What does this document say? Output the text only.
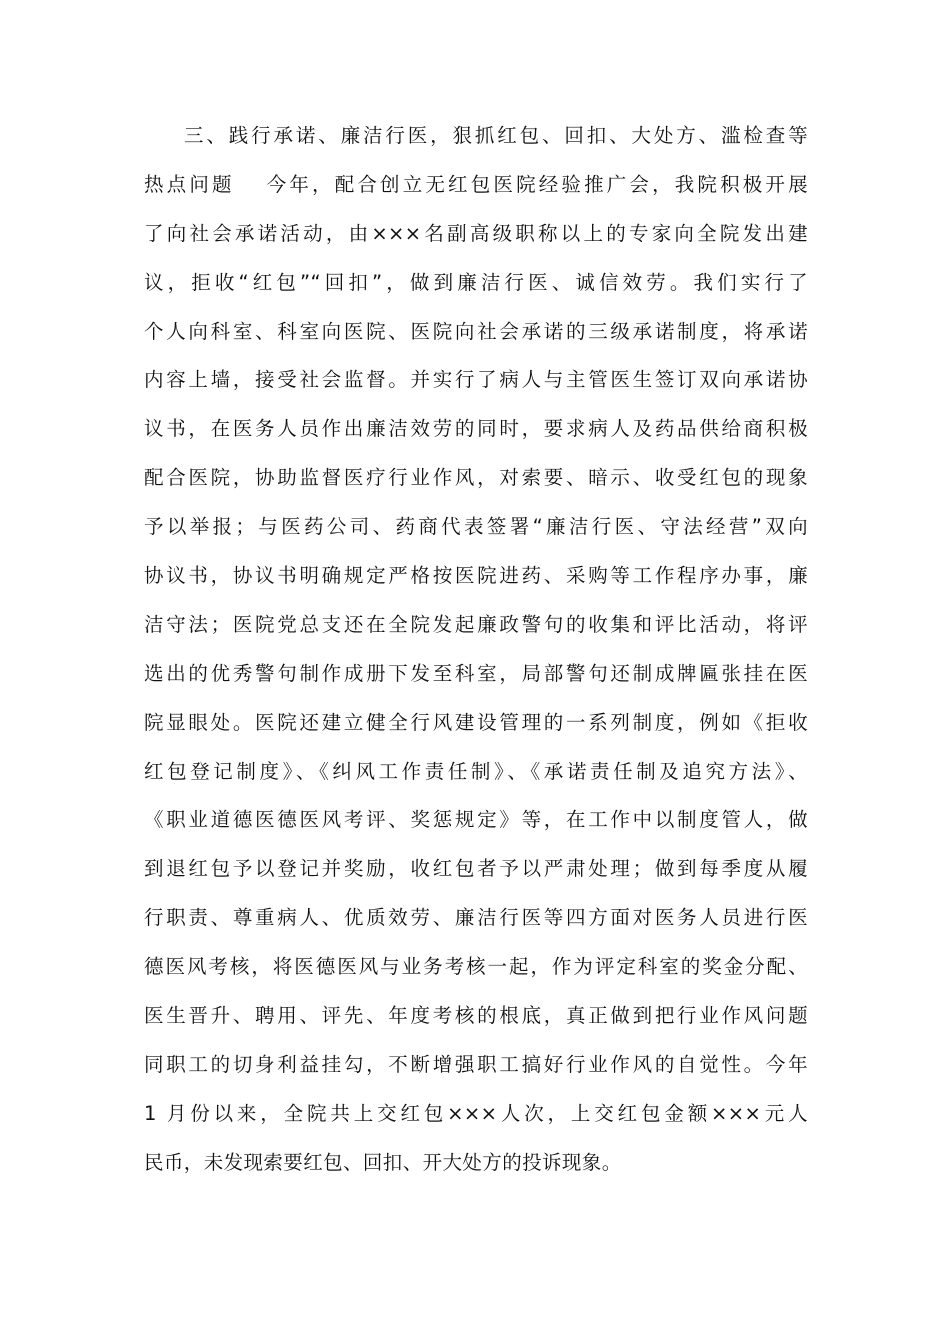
三、践行承诺、廉洁行医，狠抓红包、回扣、大处方、滥检查等
热点问题　 今年，配合创立无红包医院经验推广会，我院积极开展
了向社会承诺活动，由×××名副高级职称以上的专家向全院发出建
议，拒收“红包”“回扣”，做到廉洁行医、诚信效劳。我们实行了
个人向科室、科室向医院、医院向社会承诺的三级承诺制度，将承诺
内容上墙，接受社会监督。并实行了病人与主管医生签订双向承诺协
议书，在医务人员作出廉洁效劳的同时，要求病人及药品供给商积极
配合医院，协助监督医疗行业作风，对索要、暗示、收受红包的现象
予以举报；与医药公司、药商代表签署“廉洁行医、守法经营”双向
协议书，协议书明确规定严格按医院进药、采购等工作程序办事，廉
洁守法；医院党总支还在全院发起廉政警句的收集和评比活动，将评
选出的优秀警句制作成册下发至科室，局部警句还制成牌匾张挂在医
院显眼处。医院还建立健全行风建设管理的一系列制度，例如《拒收
红包登记制度》、《纠风工作责任制》、《承诺责任制及追究方法》、
《职业道德医德医风考评、奖惩规定》等，在工作中以制度管人，做
到退红包予以登记并奖励，收红包者予以严肃处理；做到每季度从履
行职责、尊重病人、优质效劳、廉洁行医等四方面对医务人员进行医
德医风考核，将医德医风与业务考核一起，作为评定科室的奖金分配、
医生晋升、聘用、评先、年度考核的根底，真正做到把行业作风问题
同职工的切身利益挂勾，不断增强职工搞好行业作风的自觉性。今年
1 月份以来，全院共上交红包×××人次，上交红包金额×××元人
民币，未发现索要红包、回扣、开大处方的投诉现象。
